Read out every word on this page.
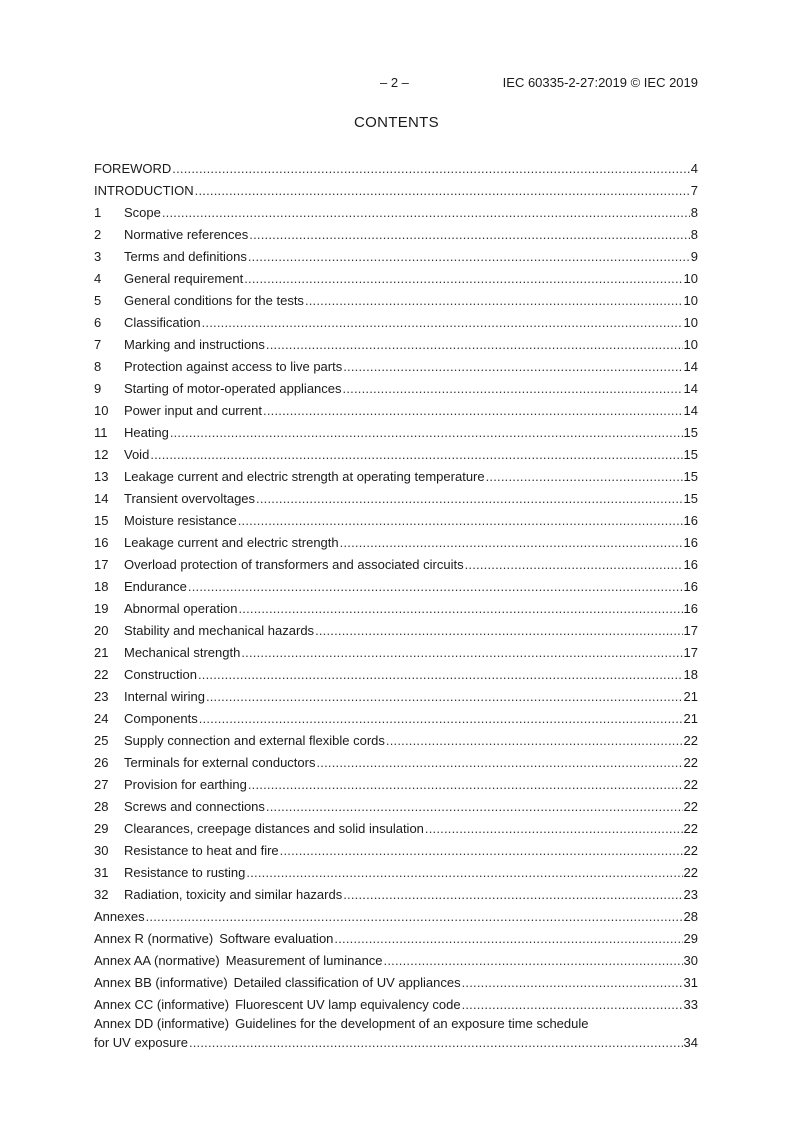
– 2 –	IEC 60335-2-27:2019 © IEC 2019
CONTENTS
FOREWORD .....	4
INTRODUCTION .....	7
1	Scope .....	8
2	Normative references .....	8
3	Terms and definitions .....	9
4	General requirement .....	10
5	General conditions for the tests .....	10
6	Classification .....	10
7	Marking and instructions .....	10
8	Protection against access to live parts .....	14
9	Starting of motor-operated appliances .....	14
10	Power input and current .....	14
11	Heating .....	15
12	Void .....	15
13	Leakage current and electric strength at operating temperature .....	15
14	Transient overvoltages .....	15
15	Moisture resistance .....	16
16	Leakage current and electric strength .....	16
17	Overload protection of transformers and associated circuits .....	16
18	Endurance .....	16
19	Abnormal operation .....	16
20	Stability and mechanical hazards .....	17
21	Mechanical strength .....	17
22	Construction .....	18
23	Internal wiring .....	21
24	Components .....	21
25	Supply connection and external flexible cords .....	22
26	Terminals for external conductors .....	22
27	Provision for earthing .....	22
28	Screws and connections .....	22
29	Clearances, creepage distances and solid insulation .....	22
30	Resistance to heat and fire .....	22
31	Resistance to rusting .....	22
32	Radiation, toxicity and similar hazards .....	23
Annexes .....	28
Annex R (normative) Software evaluation .....	29
Annex AA (normative) Measurement of luminance .....	30
Annex BB (informative) Detailed classification of UV appliances .....	31
Annex CC (informative) Fluorescent UV lamp equivalency code .....	33
Annex DD (informative) Guidelines for the development of an exposure time schedule
for UV exposure .....	34
